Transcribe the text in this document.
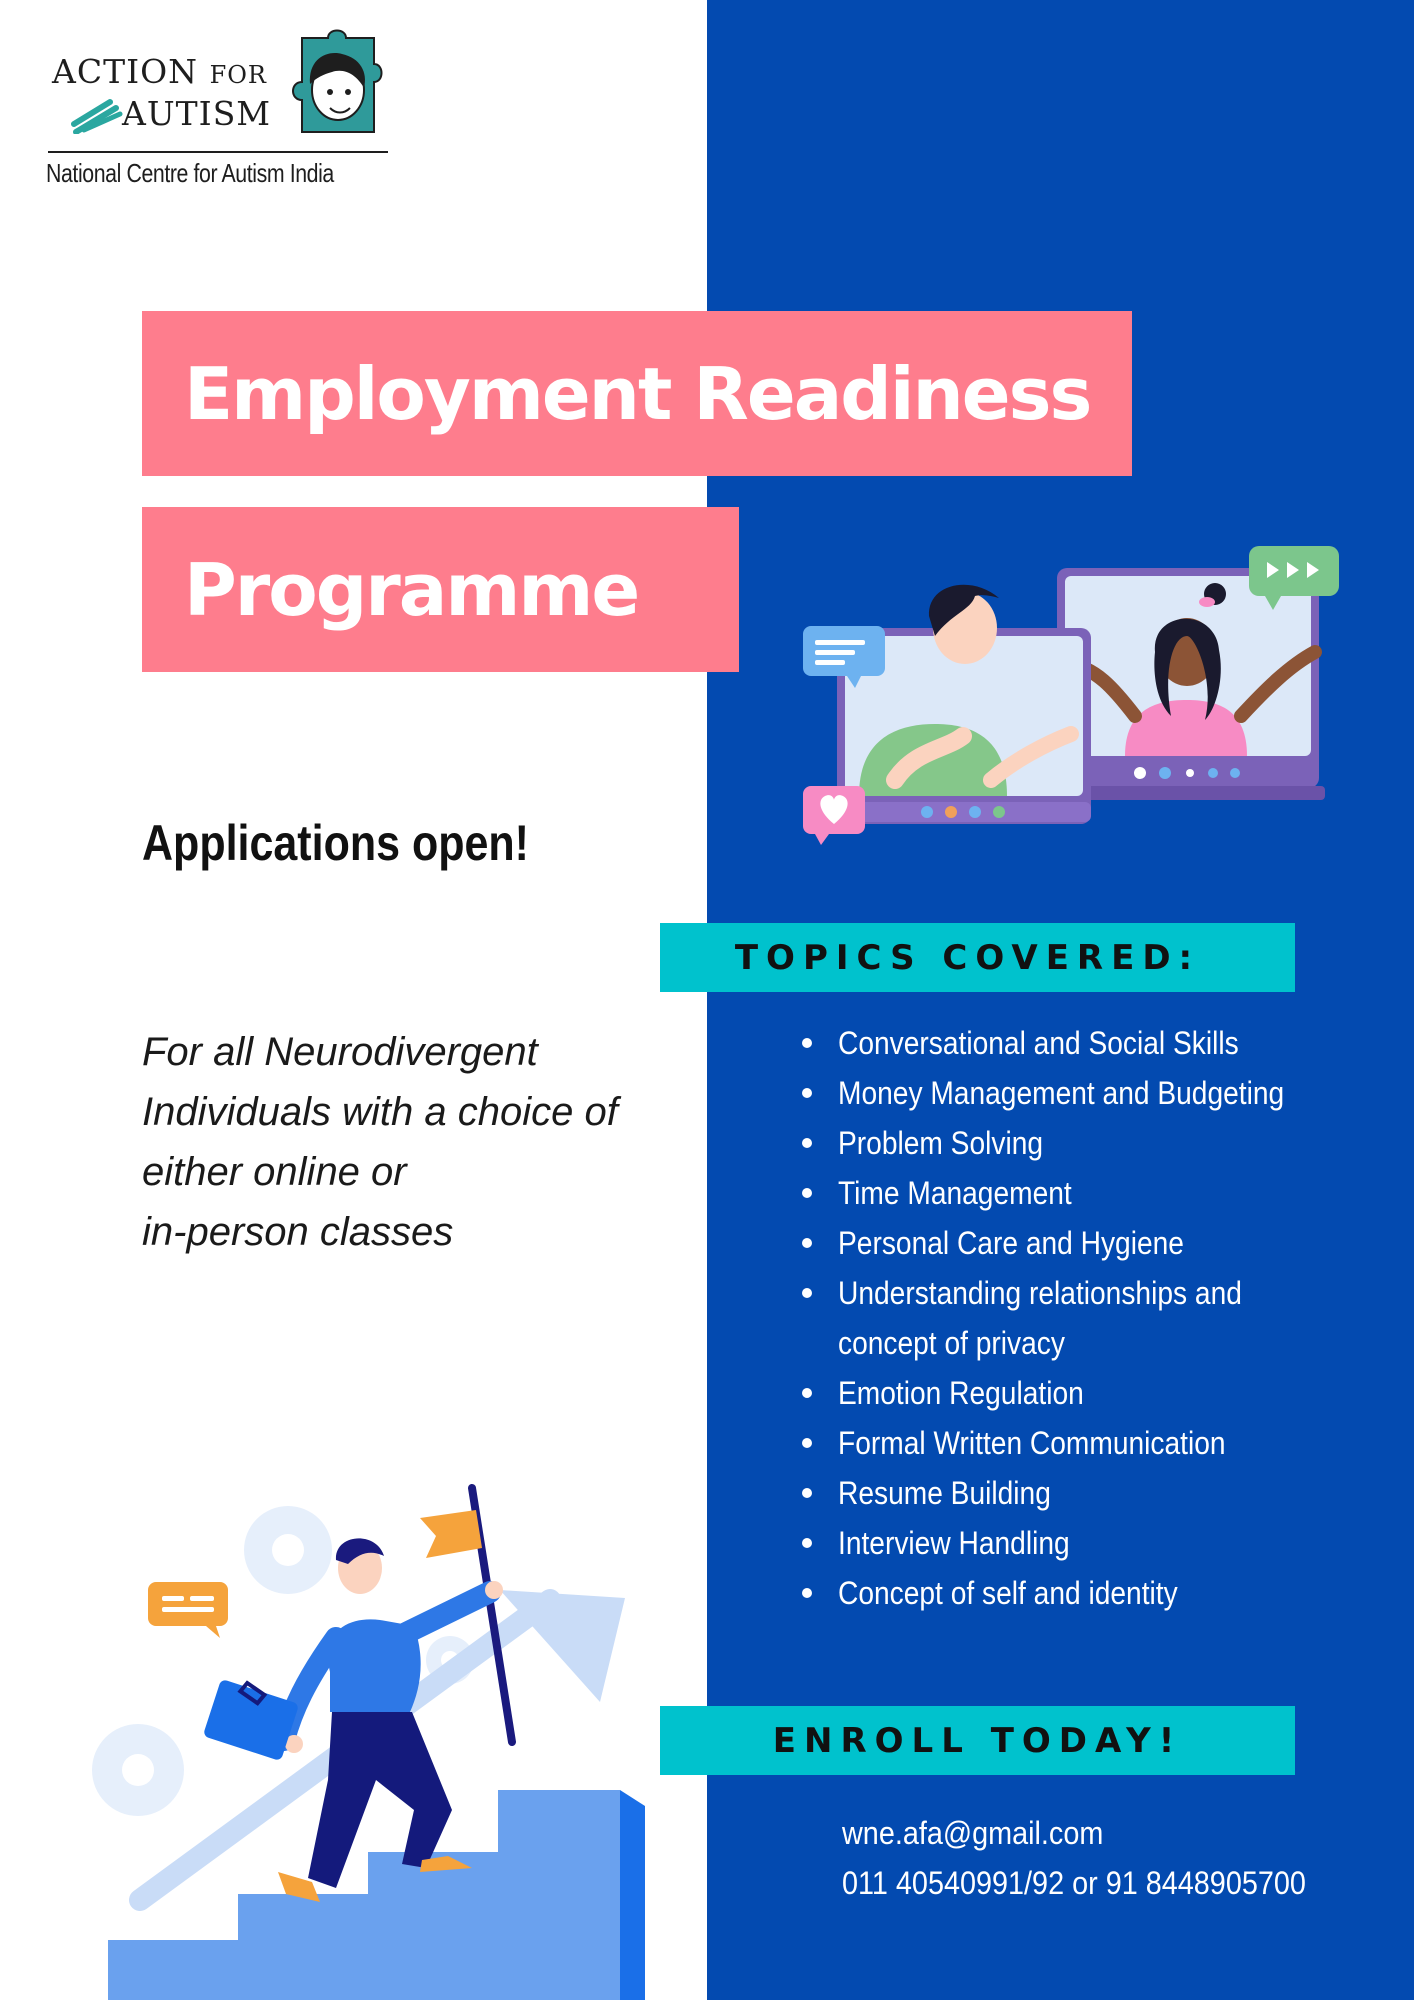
ACTION FOR
AUTISM
National Centre for Autism India
Employment Readiness
Programme
Applications open!
For all Neurodivergent
Individuals with a choice of
either online or
in-person classes
TOPICS COVERED:
Conversational and Social Skills
Money Management and Budgeting
Problem Solving
Time Management
Personal Care and Hygiene
Understanding relationships and
concept of privacy
Emotion Regulation
Formal Written Communication
Resume Building
Interview Handling
Concept of self and identity
ENROLL TODAY!
wne.afa@gmail.com
011 40540991/92 or 91 8448905700
